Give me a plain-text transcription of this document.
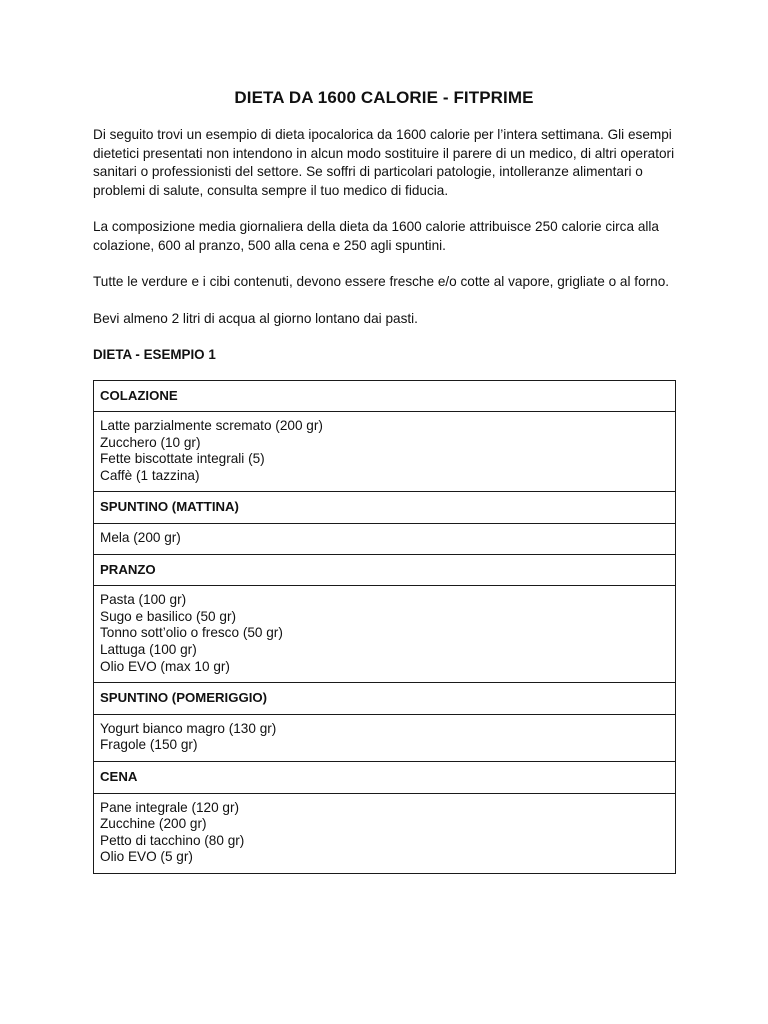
DIETA DA 1600 CALORIE - FITPRIME

Di seguito trovi un esempio di dieta ipocalorica da 1600 calorie per l’intera settimana. Gli esempi dietetici presentati non intendono in alcun modo sostituire il parere di un medico, di altri operatori sanitari o professionisti del settore. Se soffri di particolari patologie, intolleranze alimentari o problemi di salute, consulta sempre il tuo medico di fiducia.

La composizione media giornaliera della dieta da 1600 calorie attribuisce 250 calorie circa alla colazione, 600 al pranzo, 500 alla cena e 250 agli spuntini.

Tutte le verdure e i cibi contenuti, devono essere fresche e/o cotte al vapore, grigliate o al forno.

Bevi almeno 2 litri di acqua al giorno lontano dai pasti.

DIETA - ESEMPIO 1
COLAZIONE

Latte parzialmente scremato (200 gr)
Zucchero (10 gr)
Fette biscottate integrali (5)
Caffè (1 tazzina)

SPUNTINO (MATTINA)

Mela (200 gr)

PRANZO

Pasta (100 gr)
Sugo e basilico (50 gr)
Tonno sott’olio o fresco (50 gr)
Lattuga (100 gr)
Olio EVO (max 10 gr)

SPUNTINO (POMERIGGIO)

Yogurt bianco magro (130 gr)
Fragole (150 gr)

CENA

Pane integrale (120 gr)
Zucchine (200 gr)
Petto di tacchino (80 gr)
Olio EVO (5 gr)
